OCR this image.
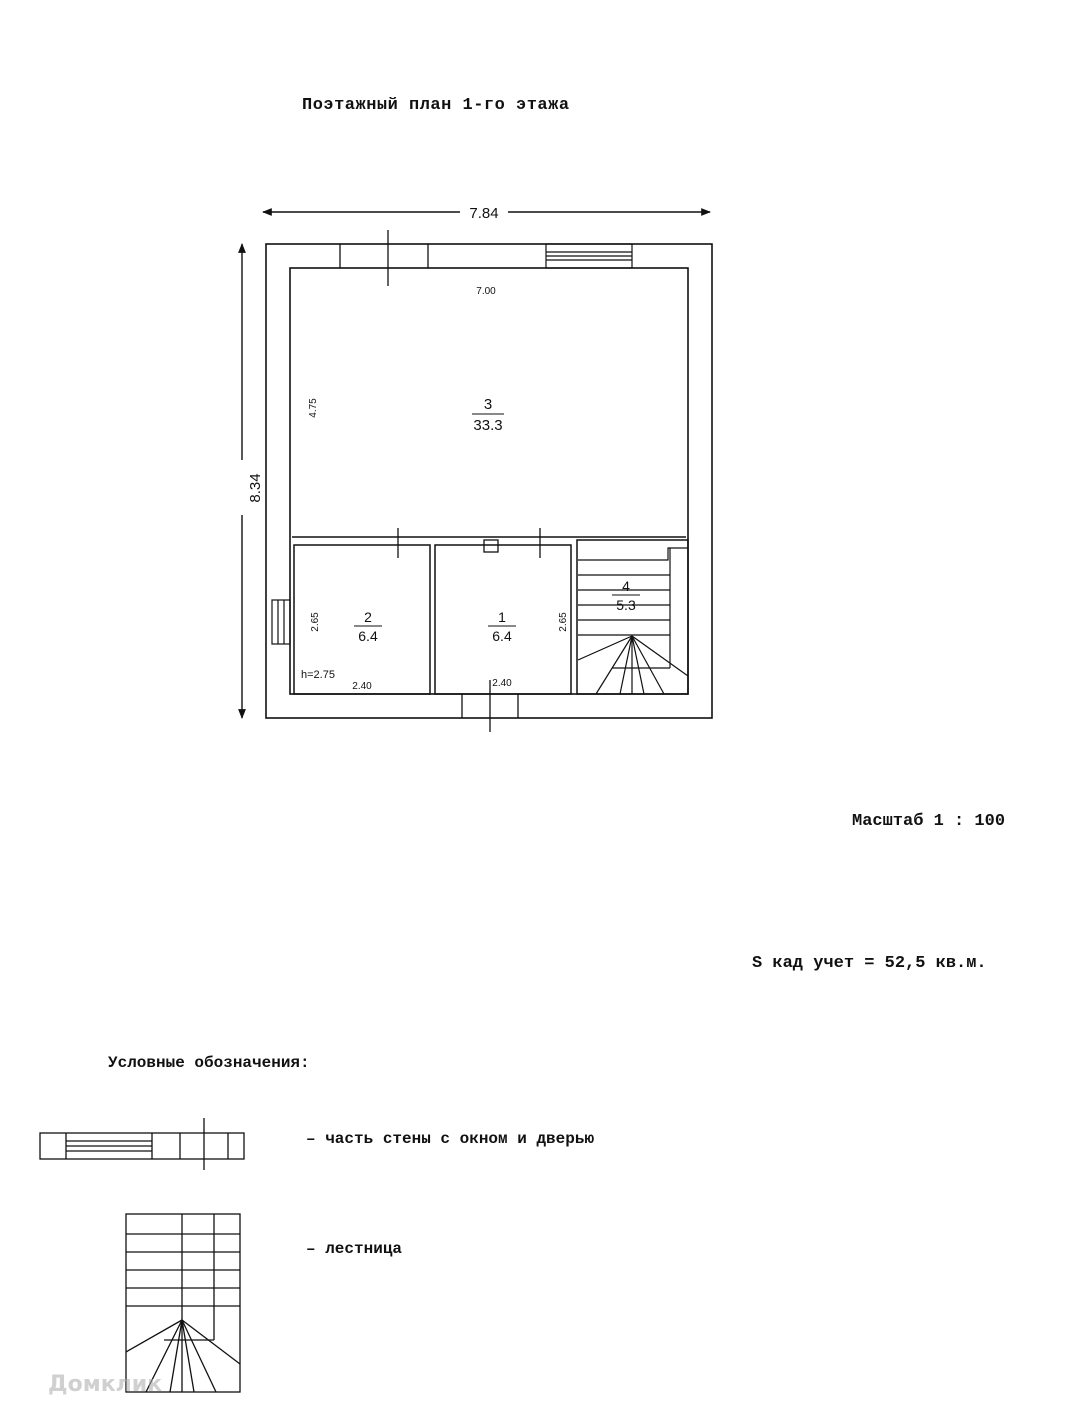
Поэтажный план 1-го этажа
7.84
8.34
3
33.3
2
6.4
1
6.4
4
5.3
7.00
4.75
2.65	2.65
h=2.75
2.40	2.40
Масштаб 1 : 100
S кад учет = 52,5 кв.м.
Условные обозначения:
– часть стены с окном и дверью
– лестница
Домклик
